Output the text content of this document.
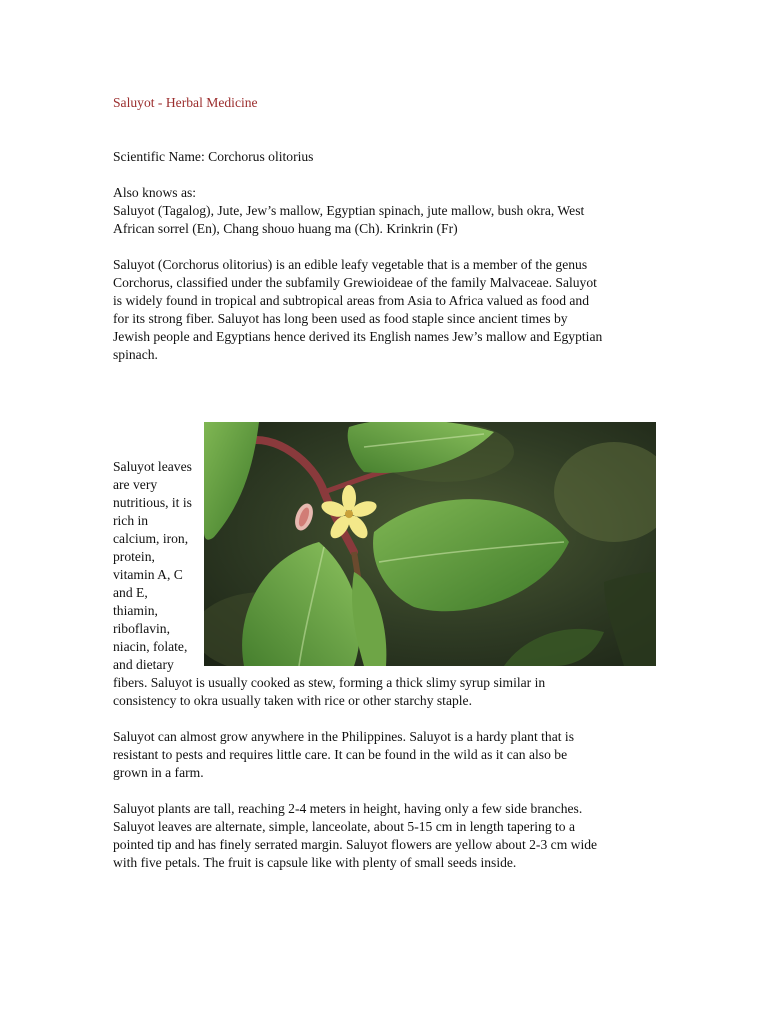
Saluyot - Herbal Medicine

Scientific Name: Corchorus olitorius

Also knows as:

Saluyot (Tagalog), Jute, Jew’s mallow, Egyptian spinach, jute mallow, bush okra, West

African sorrel (En), Chang shouo huang ma (Ch). Krinkrin (Fr)

Saluyot (Corchorus olitorius) is an edible leafy vegetable that is a member of the genus

Corchorus, classified under the subfamily Grewioideae of the family Malvaceae. Saluyot

is widely found in tropical and subtropical areas from Asia to Africa valued as food and

for its strong fiber. Saluyot has long been used as food staple since ancient times by

Jewish people and Egyptians hence derived its English names Jew’s mallow and Egyptian

spinach.

Saluyot leaves

are very

nutritious, it is

rich in

calcium, iron,

protein,

vitamin A, C

and E,

thiamin,

riboflavin,

niacin, folate,

and dietary

fibers. Saluyot is usually cooked as stew, forming a thick slimy syrup similar in

consistency to okra usually taken with rice or other starchy staple.

Saluyot can almost grow anywhere in the Philippines. Saluyot is a hardy plant that is

resistant to pests and requires little care. It can be found in the wild as it can also be

grown in a farm.

Saluyot plants are tall, reaching 2-4 meters in height, having only a few side branches.

Saluyot leaves are alternate, simple, lanceolate, about 5-15 cm in length tapering to a

pointed tip and has finely serrated margin. Saluyot flowers are yellow about 2-3 cm wide

with five petals. The fruit is capsule like with plenty of small seeds inside.
